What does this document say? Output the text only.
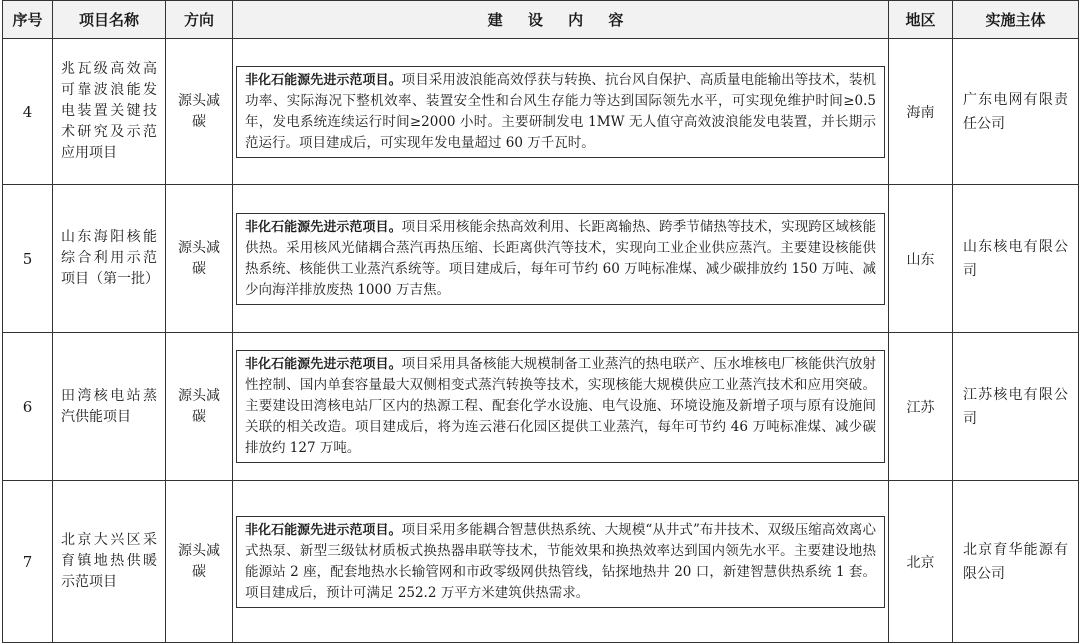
序号	项目名称	方向	建 设 内 容	地区	实施主体
4	兆瓦级高效高可靠波浪能发电装置关键技术研究及示范应用项目	源头减碳	非化石能源先进示范项目。项目采用波浪能高效俘获与转换、抗台风自保护、高质量电能输出等技术，装机功率、实际海况下整机效率、装置安全性和台风生存能力等达到国际领先水平，可实现免维护时间≥0.5 年，发电系统连续运行时间≥2000 小时。主要研制发电 1MW 无人值守高效波浪能发电装置，并长期示范运行。项目建成后，可实现年发电量超过 60 万千瓦时。	海南	广东电网有限责任公司
5	山东海阳核能综合利用示范项目（第一批）	源头减碳	非化石能源先进示范项目。项目采用核能余热高效利用、长距离输热、跨季节储热等技术，实现跨区域核能供热。采用核风光储耦合蒸汽再热压缩、长距离供汽等技术，实现向工业企业供应蒸汽。主要建设核能供热系统、核能供工业蒸汽系统等。项目建成后，每年可节约 60 万吨标准煤、减少碳排放约 150 万吨、减少向海洋排放废热 1000 万吉焦。	山东	山东核电有限公司
6	田湾核电站蒸汽供能项目	源头减碳	非化石能源先进示范项目。项目采用具备核能大规模制备工业蒸汽的热电联产、压水堆核电厂核能供汽放射性控制、国内单套容量最大双侧相变式蒸汽转换等技术，实现核能大规模供应工业蒸汽技术和应用突破。主要建设田湾核电站厂区内的热源工程、配套化学水设施、电气设施、环境设施及新增子项与原有设施间关联的相关改造。项目建成后，将为连云港石化园区提供工业蒸汽，每年可节约 46 万吨标准煤、减少碳排放约 127 万吨。	江苏	江苏核电有限公司
7	北京大兴区采育镇地热供暖示范项目	源头减碳	非化石能源先进示范项目。项目采用多能耦合智慧供热系统、大规模“从井式”布井技术、双级压缩高效离心式热泵、新型三级钛材质板式换热器串联等技术，节能效果和换热效率达到国内领先水平。主要建设地热能源站 2 座，配套地热水长输管网和市政零级网供热管线，钻探地热井 20 口，新建智慧供热系统 1 套。项目建成后，预计可满足 252.2 万平方米建筑供热需求。	北京	北京育华能源有限公司
